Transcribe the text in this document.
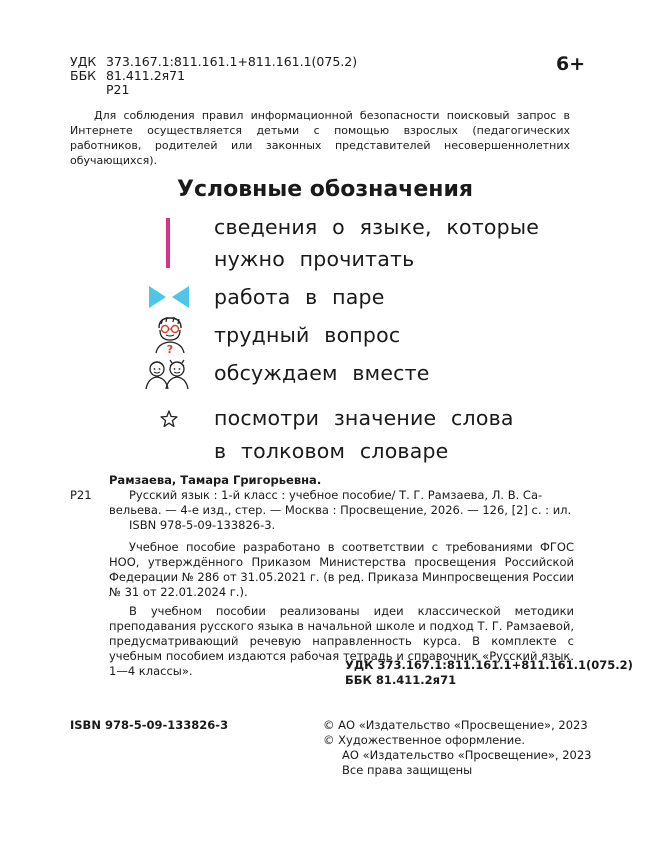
УДК 373.167.1:811.161.1+811.161.1(075.2)
ББК 81.411.2я71
Р21
6+
Для соблюдения правил информационной безопасности поисковый запрос в Интернете осуществляется детьми с помощью взрослых (педагогических работников, родителей или законных представителей несовершеннолетних обучающихся).
Условные обозначения
сведения о языке, которые
нужно прочитать
работа в паре
?
трудный вопрос
обсуждаем вместе
посмотри значение слова
в толковом словаре
Рамзаева, Тамара Григорьевна.
Р21	Русский язык : 1-й класс : учебное пособие/ Т. Г. Рамзаева, Л. В. Са-
вельева. — 4-е изд., стер. — Москва : Просвещение, 2026. — 126, [2] с. : ил.
ISBN 978-5-09-133826-3.
Учебное пособие разработано в соответствии с требованиями ФГОС НОО, утверждённого Приказом Министерства просвещения Российской Федерации № 286 от 31.05.2021 г. (в ред. Приказа Минпросвещения России № 31 от 22.01.2024 г.).
В учебном пособии реализованы идеи классической методики преподавания русского языка в начальной школе и подход Т. Г. Рамзаевой, предусматривающий речевую направленность курса. В комплекте с учебным пособием издаются рабочая тетрадь и справочник «Русский язык. 1—4 классы».	УДК 373.167.1:811.161.1+811.161.1(075.2)
ББК 81.411.2я71
ISBN 978-5-09-133826-3	© АО «Издательство «Просвещение», 2023
© Художественное оформление.
АО «Издательство «Просвещение», 2023
Все права защищены
